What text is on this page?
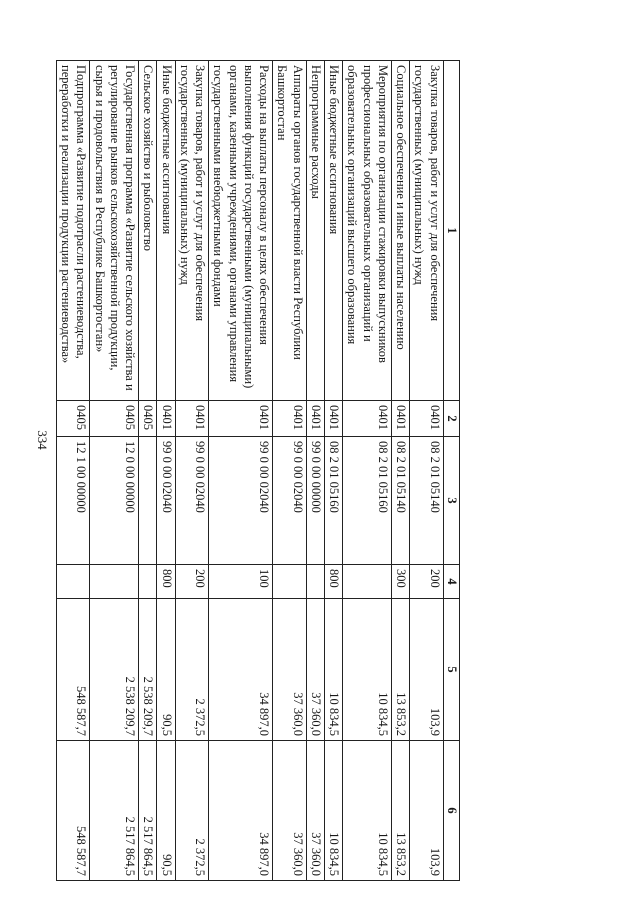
334
1	2	3	4	5	6
Закупка товаров, работ и услуг для обеспечения государственных (муниципальных) нужд	0401	08 2 01 05140	200	103,9	103,9
Социальное обеспечение и иные выплаты населению	0401	08 2 01 05140	300	13 853,2	13 853,2
Мероприятия по организации стажировки выпускников профессиональных образовательных организаций и образовательных организаций высшего образования	0401	08 2 01 05160		10 834,5	10 834,5
Иные бюджетные ассигнования	0401	08 2 01 05160	800	10 834,5	10 834,5
Непрограммные расходы	0401	99 0 00 00000		37 360,0	37 360,0
Аппараты органов государственной власти Республики Башкортостан	0401	99 0 00 02040		37 360,0	37 360,0
Расходы на выплаты персоналу в целях обеспечения выполнения функций государственными (муниципальными) органами, казенными учреждениями, органами управления государственными внебюджетными фондами	0401	99 0 00 02040	100	34 897,0	34 897,0
Закупка товаров, работ и услуг для обеспечения государственных (муниципальных) нужд	0401	99 0 00 02040	200	2 372,5	2 372,5
Иные бюджетные ассигнования	0401	99 0 00 02040	800	90,5	90,5
Сельское хозяйство и рыболовство	0405			2 538 209,7	2 517 864,5
Государственная программа «Развитие сельского хозяйства и регулирование рынков сельскохозяйственной продукции, сырья и продовольствия в Республике Башкортостан»	0405	12 0 00 00000		2 538 209,7	2 517 864,5
Подпрограмма «Развитие подотрасли растениеводства, переработки и реализации продукции растениеводства»	0405	12 1 00 00000		548 587,7	548 587,7
